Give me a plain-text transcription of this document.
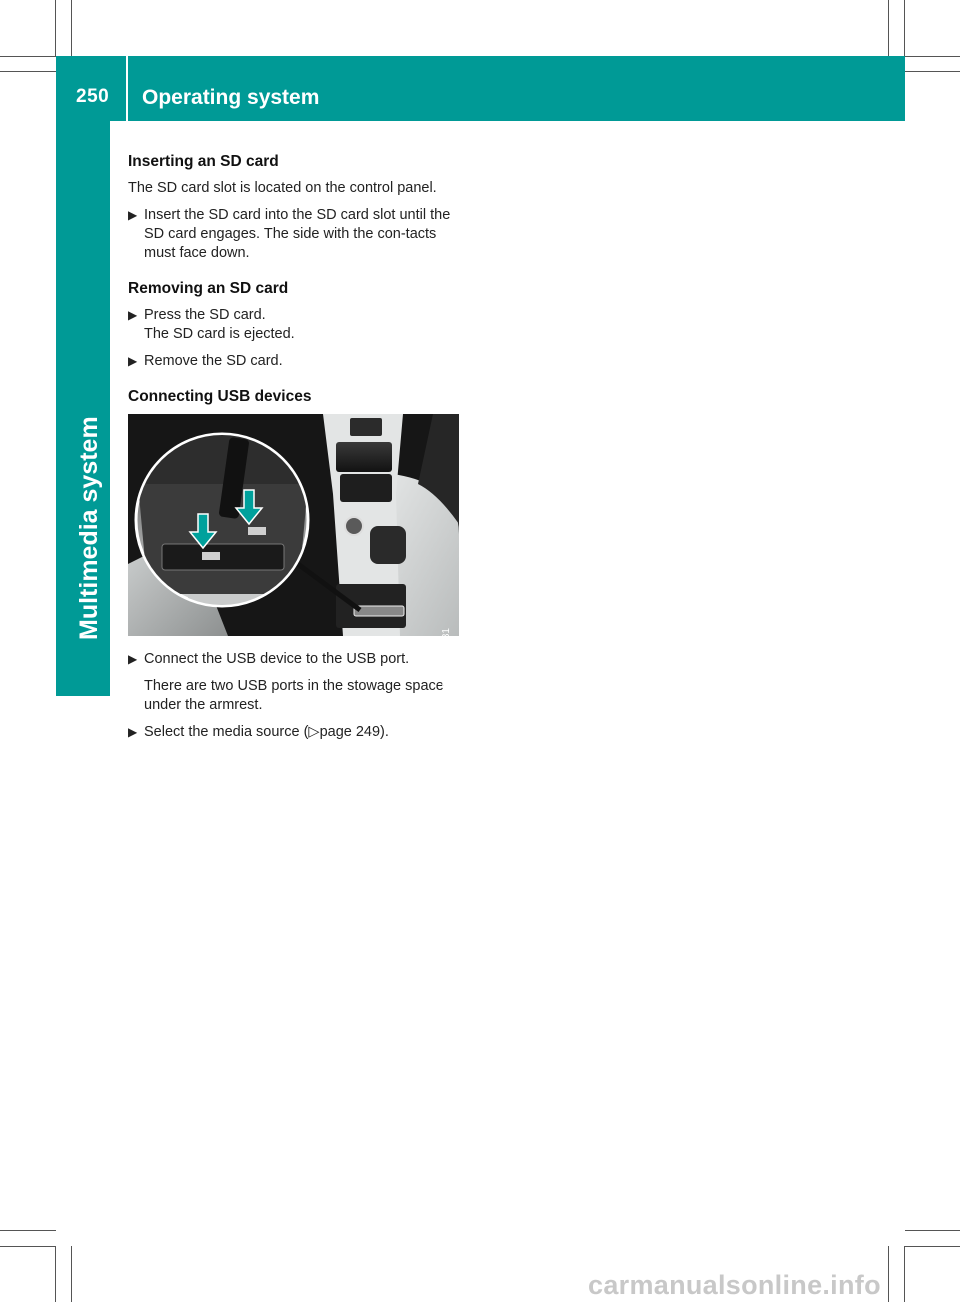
250 Operating system
Multimedia system
Inserting an SD card

The SD card slot is located on the control panel.

▶ Insert the SD card into the SD card slot until the SD card engages. The side with the con-tacts must face down.
Removing an SD card
▶ Press the SD card.
The SD card is ejected.
▶ Remove the SD card.
Connecting USB devices
P82.89-2798-31
▶ Connect the USB device to the USB port.

There are two USB ports in the stowage space under the armrest.

▶ Select the media source (▷page 249).
carmanualsonline.info
